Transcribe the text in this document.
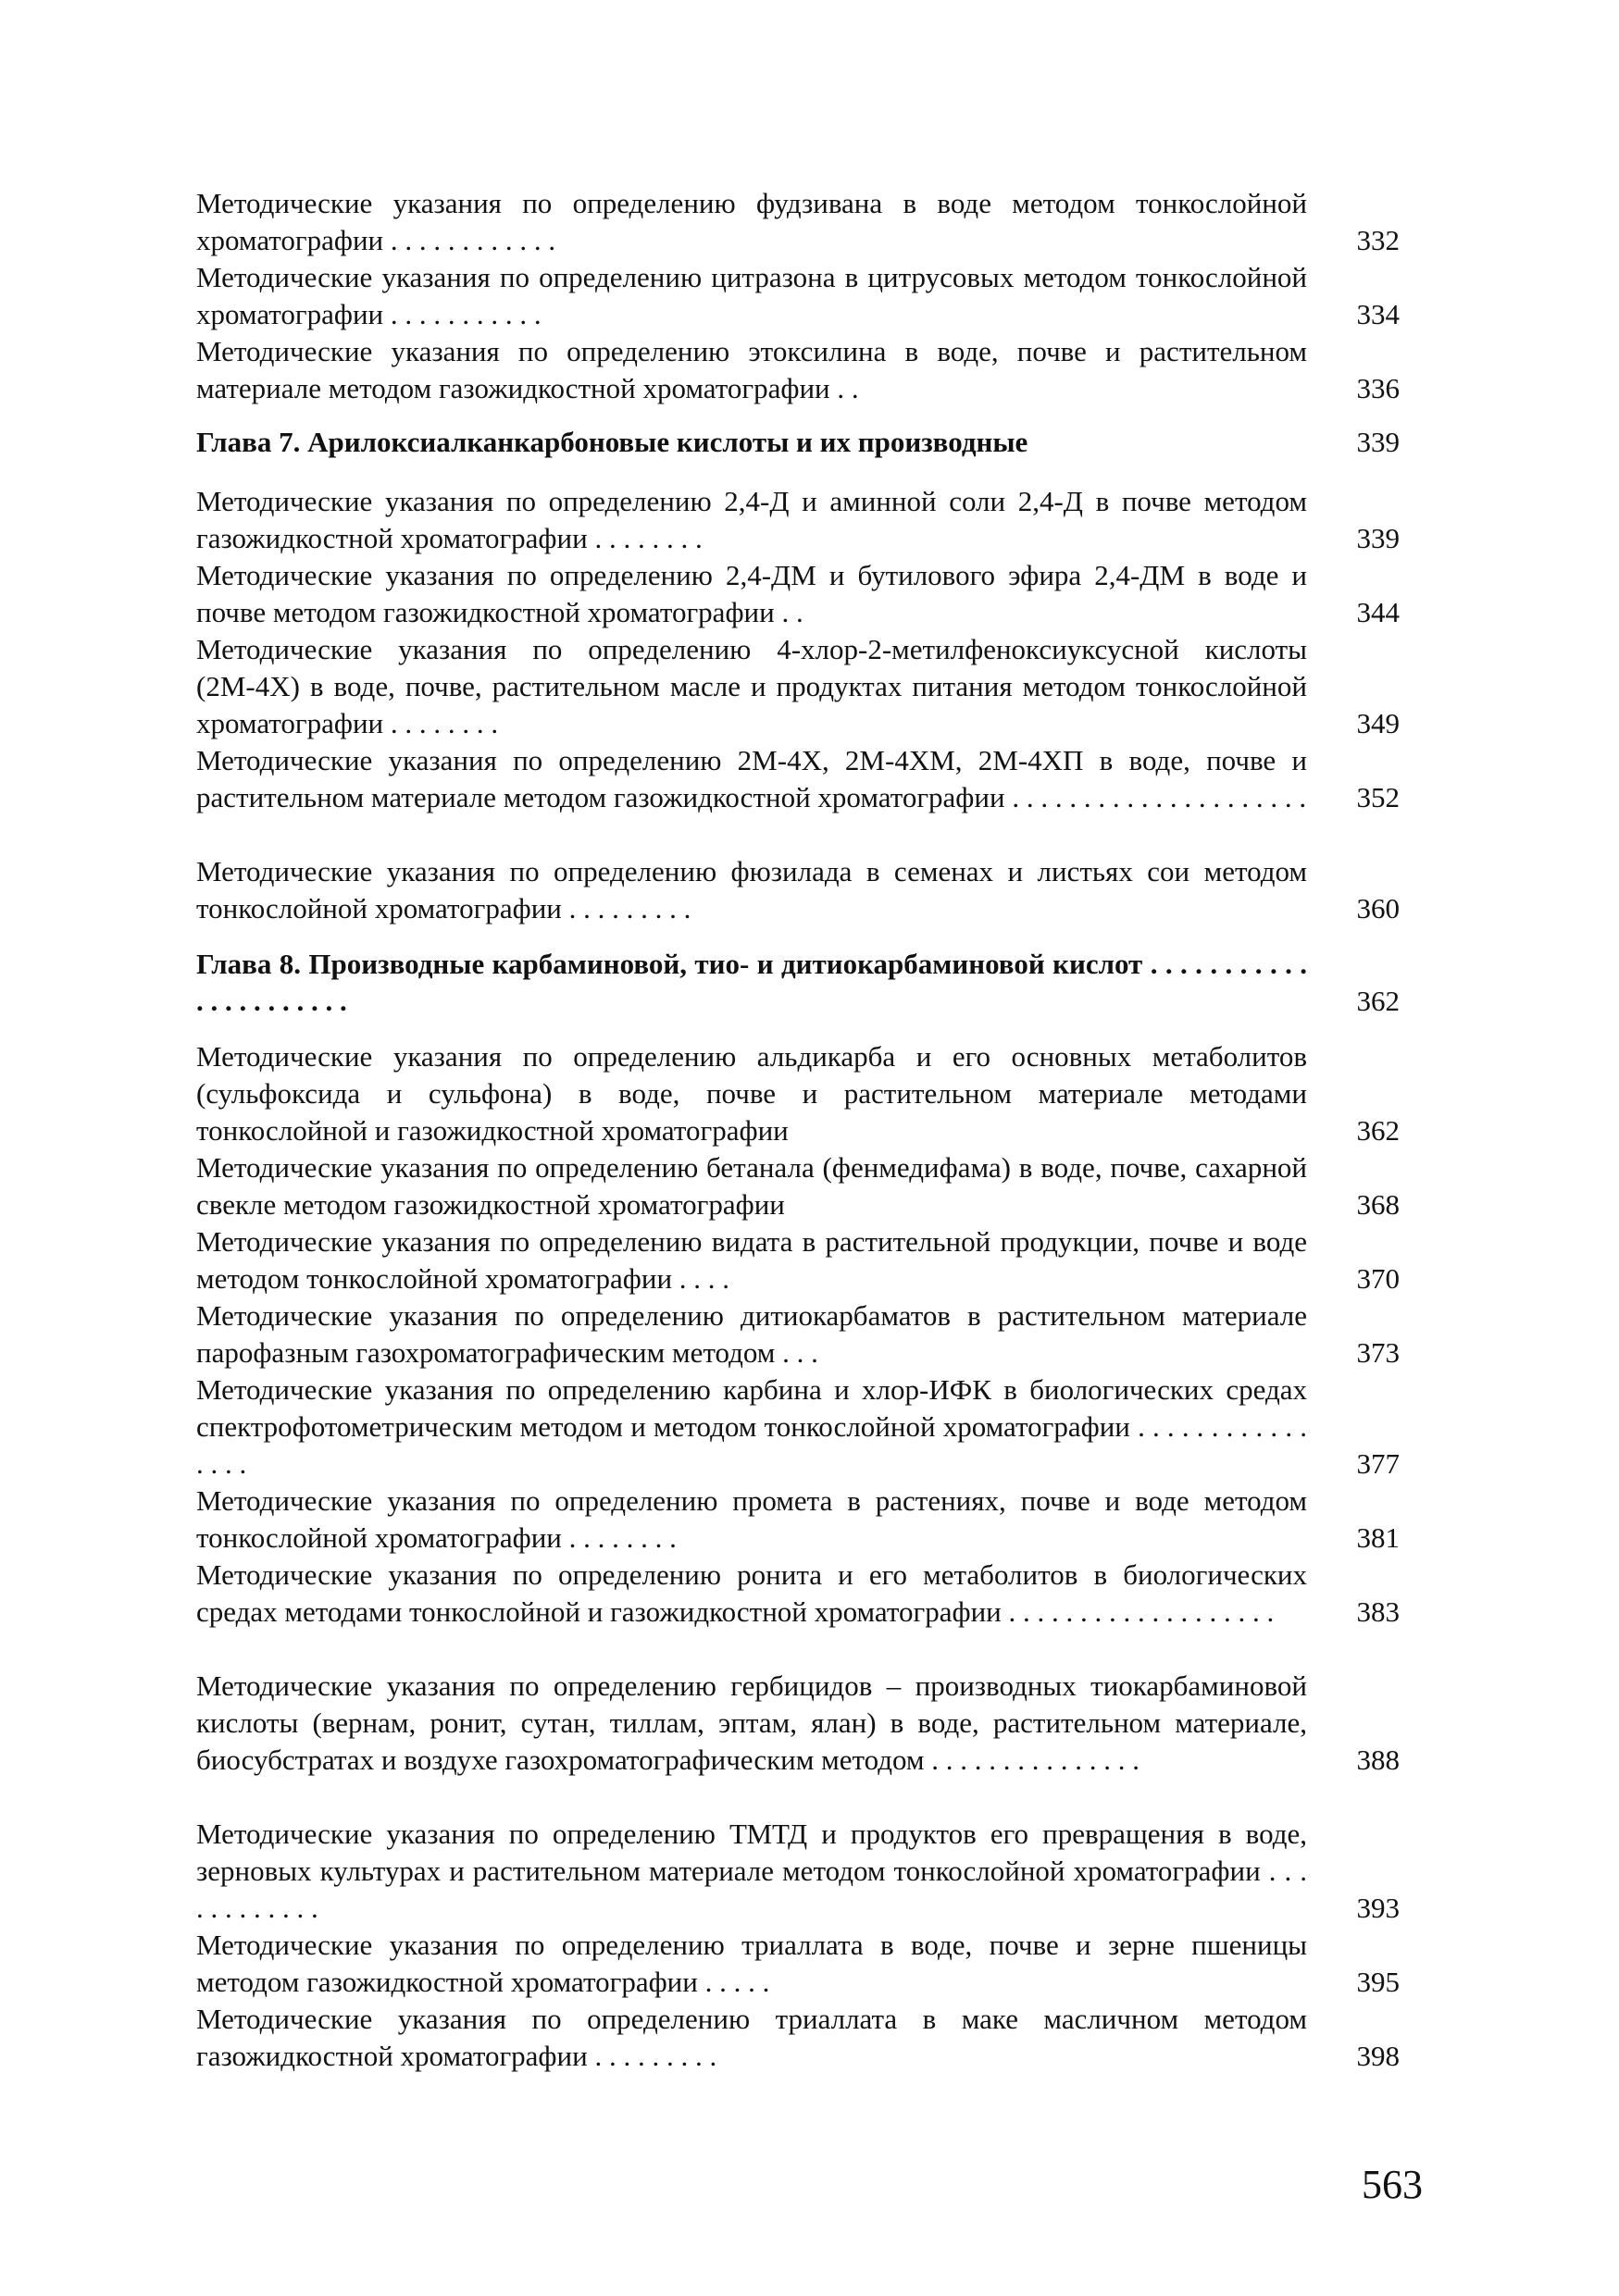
Методические указания по определению фудзивана в воде методом тонкослойной хроматографии . . . . . . . . . . . .	332
Методические указания по определению цитразона в цитрусовых методом тонкослойной хроматографии . . . . . . . . . . .	334
Методические указания по определению этоксилина в воде, почве и растительном материале методом газожидкостной хроматографии . .	336
Глава 7. Арилоксиалканкарбоновые кислоты и их производные	339
Методические указания по определению 2,4-Д и аминной соли 2,4-Д в почве методом газожидкостной хроматографии . . . . . . . .	339
Методические указания по определению 2,4-ДМ и бутилового эфира 2,4-ДМ в воде и почве методом газожидкостной хроматографии . .	344
Методические указания по определению 4-хлор-2-метилфеноксиуксусной кислоты (2М-4Х) в воде, почве, растительном масле и продуктах питания методом тонкослойной хроматографии . . . . . . . .	349
Методические указания по определению 2М-4Х, 2М-4ХМ, 2М-4ХП в воде, почве и растительном материале методом газожидкостной хроматографии . . . . . . . . . . . . . . . . . . . . .	352
Методические указания по определению фюзилада в семенах и листьях сои методом тонкослойной хроматографии . . . . . . . . .	360
Глава 8. Производные карбаминовой, тио- и дитиокарбаминовой кислот . . . . . . . . . . . . . . . . . . . . . .	362
Методические указания по определению альдикарба и его основных метаболитов (сульфоксида и сульфона) в воде, почве и растительном материале методами тонкослойной и газожидкостной хроматографии	362
Методические указания по определению бетанала (фенмедифама) в воде, почве, сахарной свекле методом газожидкостной хроматографии	368
Методические указания по определению видата в растительной продукции, почве и воде методом тонкослойной хроматографии . . . .	370
Методические указания по определению дитиокарбаматов в растительном материале парофазным газохроматографическим методом . . .	373
Методические указания по определению карбина и хлор-ИФК в биологических средах спектрофотометрическим методом и методом тонкослойной хроматографии . . . . . . . . . . . . . . . .	377
Методические указания по определению промета в растениях, почве и воде методом тонкослойной хроматографии . . . . . . . .	381
Методические указания по определению ронита и его метаболитов в биологических средах методами тонкослойной и газожидкостной хроматографии . . . . . . . . . . . . . . . . . . .	383
Методические указания по определению гербицидов – производных тиокарбаминовой кислоты (вернам, ронит, сутан, тиллам, эптам, ялан) в воде, растительном материале, биосубстратах и воздухе газохроматографическим методом . . . . . . . . . . . . . . .	388
Методические указания по определению ТМТД и продуктов его превращения в воде, зерновых культурах и растительном материале методом тонкослойной хроматографии . . . . . . . . . . . .	393
Методические указания по определению триаллата в воде, почве и зерне пшеницы методом газожидкостной хроматографии . . . . .	395
Методические указания по определению триаллата в маке масличном методом газожидкостной хроматографии . . . . . . . . .	398
563
